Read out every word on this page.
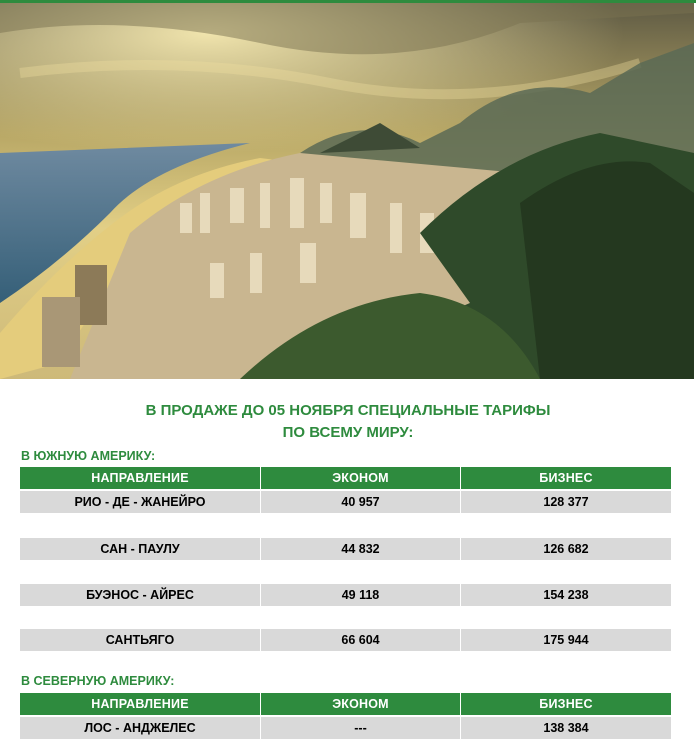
В ПРОДАЖЕ ДО 05 НОЯБРЯ СПЕЦИАЛЬНЫЕ ТАРИФЫ
ПО ВСЕМУ МИРУ:
В ЮЖНУЮ АМЕРИКУ:
НАПРАВЛЕНИЕ	ЭКОНОМ	БИЗНЕС
РИО - ДЕ - ЖАНЕЙРО	40 957	128 377
САН - ПАУЛУ	44 832	126 682
БУЭНОС - АЙРЕС	49 118	154 238
САНТЬЯГО	66 604	175 944
В СЕВЕРНУЮ АМЕРИКУ:
НАПРАВЛЕНИЕ	ЭКОНОМ	БИЗНЕС
ЛОС - АНДЖЕЛЕС	---	138 384
